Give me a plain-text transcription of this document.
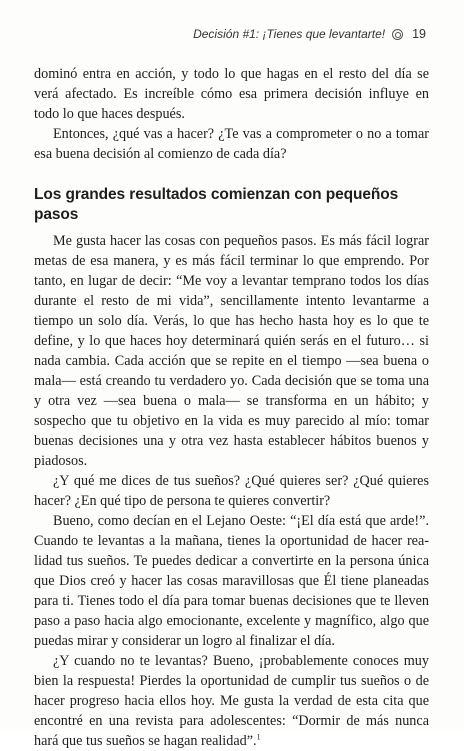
Decisión #1: ¡Tienes que levantarte! 19

dominó entra en acción, y todo lo que hagas en el resto del día se verá afectado. Es increíble cómo esa primera decisión influye en todo lo que haces después.

Entonces, ¿qué vas a hacer? ¿Te vas a comprometer o no a tomar esa buena decisión al comienzo de cada día?

Los grandes resultados comienzan con pequeños pasos

Me gusta hacer las cosas con pequeños pasos. Es más fácil lograr metas de esa manera, y es más fácil terminar lo que emprendo. Por tanto, en lugar de decir: “Me voy a levantar temprano todos los días durante el resto de mi vida”, sencillamente intento levantarme a tiempo un solo día. Verás, lo que has hecho hasta hoy es lo que te define, y lo que haces hoy determinará quién serás en el futuro… si nada cambia. Cada acción que se repite en el tiempo —sea buena o mala— está creando tu verdadero yo. Cada decisión que se toma una y otra vez —sea buena o mala— se transforma en un hábito; y sospecho que tu objetivo en la vida es muy parecido al mío: tomar buenas decisiones una y otra vez hasta establecer hábitos buenos y piadosos.

¿Y qué me dices de tus sueños? ¿Qué quieres ser? ¿Qué quieres hacer? ¿En qué tipo de persona te quieres convertir?

Bueno, como decían en el Lejano Oeste: “¡El día está que arde!”. Cuando te levantas a la mañana, tienes la oportunidad de hacer realidad tus sueños. Te puedes dedicar a convertirte en la persona única que Dios creó y hacer las cosas maravillosas que Él tiene planeadas para ti. Tienes todo el día para tomar buenas decisiones que te lleven paso a paso hacia algo emocionante, excelente y magnífico, algo que puedas mirar y considerar un logro al finalizar el día.

¿Y cuando no te levantas? Bueno, ¡probablemente conoces muy bien la respuesta! Pierdes la oportunidad de cumplir tus sueños o de hacer progreso hacia ellos hoy. Me gusta la verdad de esta cita que encontré en una revista para adolescentes: “Dormir de más nunca hará que tus sueños se hagan realidad”.$^1$
